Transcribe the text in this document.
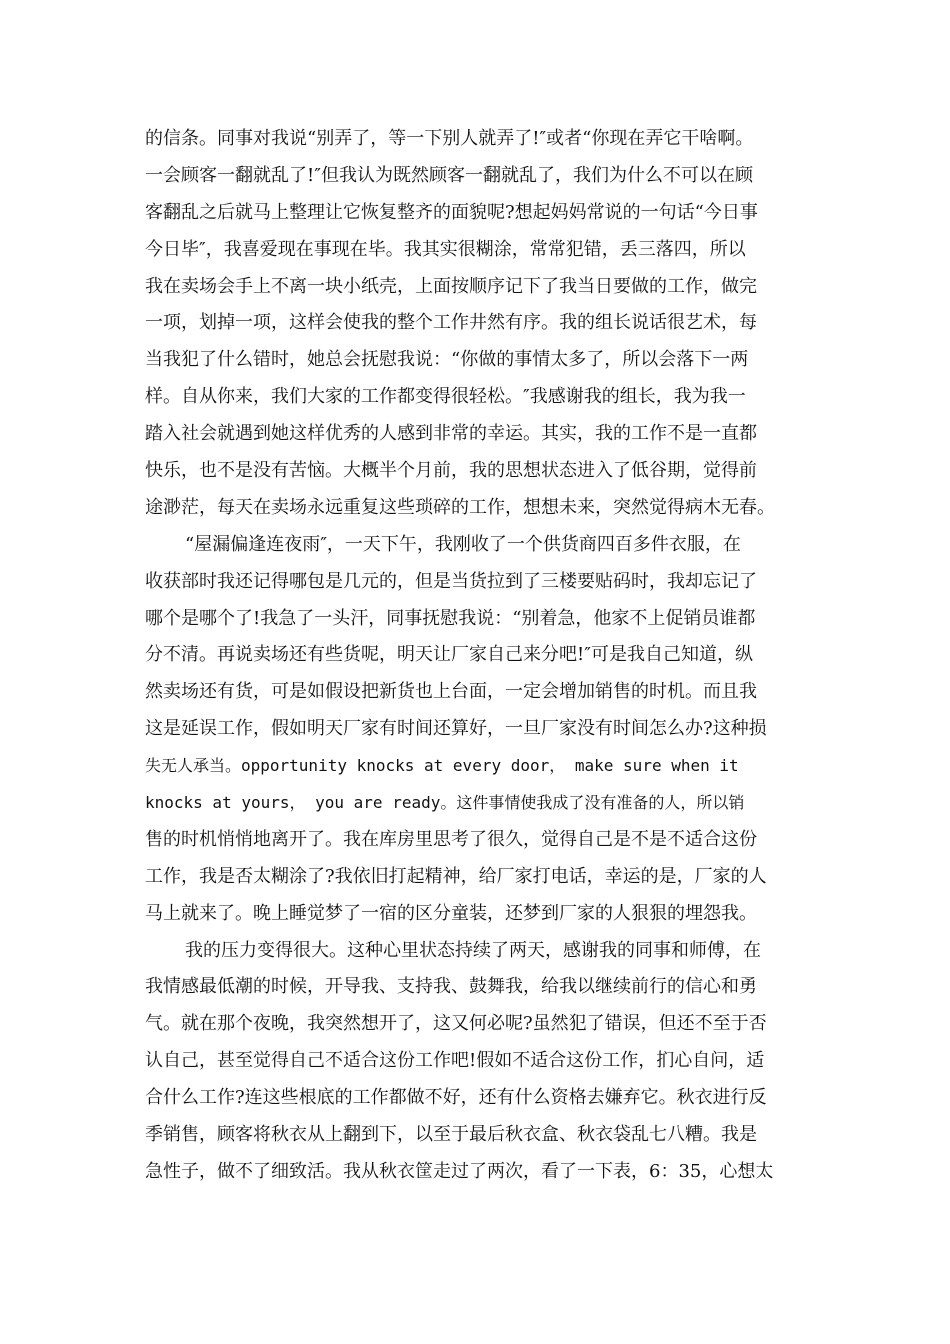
的信条。同事对我说“别弄了，等一下别人就弄了!″或者“你现在弄它干啥啊。
一会顾客一翻就乱了!″但我认为既然顾客一翻就乱了，我们为什么不可以在顾
客翻乱之后就马上整理让它恢复整齐的面貌呢?想起妈妈常说的一句话“今日事
今日毕″，我喜爱现在事现在毕。我其实很糊涂，常常犯错，丢三落四，所以
我在卖场会手上不离一块小纸壳，上面按顺序记下了我当日要做的工作，做完
一项，划掉一项，这样会使我的整个工作井然有序。我的组长说话很艺术，每
当我犯了什么错时，她总会抚慰我说：“你做的事情太多了，所以会落下一两
样。自从你来，我们大家的工作都变得很轻松。″我感谢我的组长，我为我一
踏入社会就遇到她这样优秀的人感到非常的幸运。其实，我的工作不是一直都
快乐，也不是没有苦恼。大概半个月前，我的思想状态进入了低谷期，觉得前
途渺茫，每天在卖场永远重复这些琐碎的工作，想想未来，突然觉得病木无春。
“屋漏偏逢连夜雨″，一天下午，我刚收了一个供货商四百多件衣服，在
收获部时我还记得哪包是几元的，但是当货拉到了三楼要贴码时，我却忘记了
哪个是哪个了!我急了一头汗，同事抚慰我说：“别着急，他家不上促销员谁都
分不清。再说卖场还有些货呢，明天让厂家自己来分吧!″可是我自己知道，纵
然卖场还有货，可是如假设把新货也上台面，一定会增加销售的时机。而且我
这是延误工作，假如明天厂家有时间还算好，一旦厂家没有时间怎么办?这种损
失无人承当。opportunity knocks at every door， make sure when it
knocks at yours， you are ready。这件事情使我成了没有准备的人，所以销
售的时机悄悄地离开了。我在库房里思考了很久，觉得自己是不是不适合这份
工作，我是否太糊涂了?我依旧打起精神，给厂家打电话，幸运的是，厂家的人
马上就来了。晚上睡觉梦了一宿的区分童装，还梦到厂家的人狠狠的埋怨我。
我的压力变得很大。这种心里状态持续了两天，感谢我的同事和师傅，在
我情感最低潮的时候，开导我、支持我、鼓舞我，给我以继续前行的信心和勇
气。就在那个夜晚，我突然想开了，这又何必呢?虽然犯了错误，但还不至于否
认自己，甚至觉得自己不适合这份工作吧!假如不适合这份工作，扪心自问，适
合什么工作?连这些根底的工作都做不好，还有什么资格去嫌弃它。秋衣进行反
季销售，顾客将秋衣从上翻到下，以至于最后秋衣盒、秋衣袋乱七八糟。我是
急性子，做不了细致活。我从秋衣筐走过了两次，看了一下表，6：35，心想太
